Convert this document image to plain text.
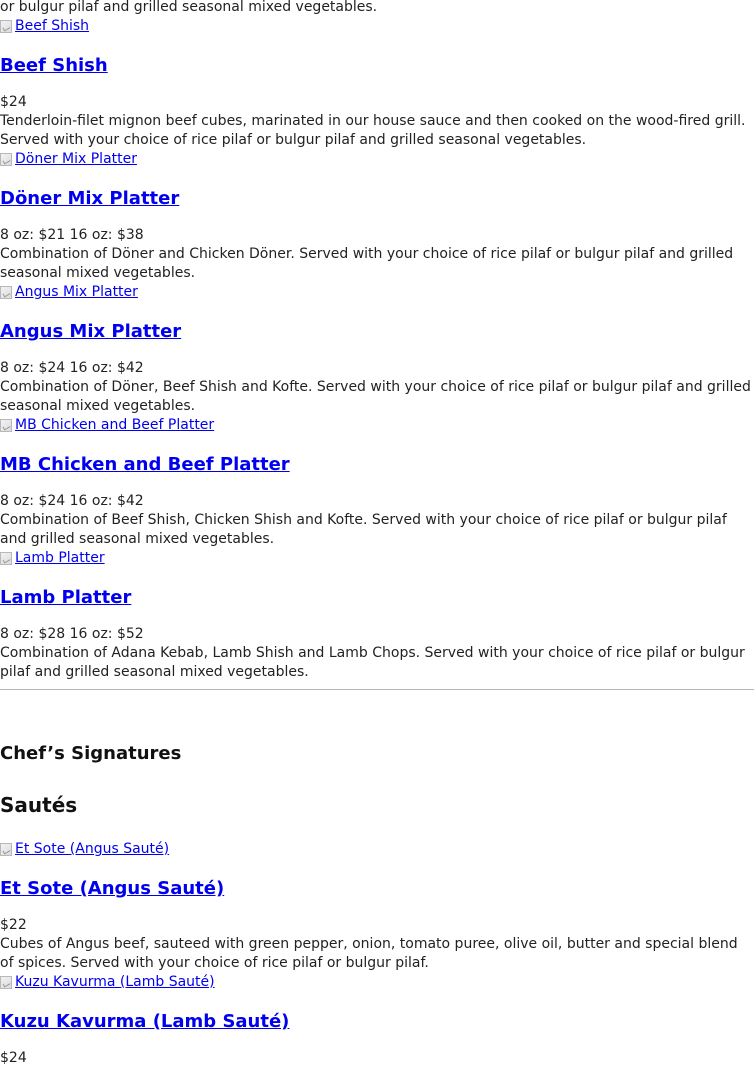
or bulgur pilaf and grilled seasonal mixed vegetables.
Beef Shish
Beef Shish
$24
Tenderloin-filet mignon beef cubes, marinated in our house sauce and then cooked on the wood-fired grill. Served with your choice of rice pilaf or bulgur pilaf and grilled seasonal vegetables.
Döner Mix Platter
Döner Mix Platter
8 oz: $21 16 oz: $38
Combination of Döner and Chicken Döner. Served with your choice of rice pilaf or bulgur pilaf and grilled seasonal mixed vegetables.
Angus Mix Platter
Angus Mix Platter
8 oz: $24 16 oz: $42
Combination of Döner, Beef Shish and Kofte. Served with your choice of rice pilaf or bulgur pilaf and grilled seasonal mixed vegetables.
MB Chicken and Beef Platter
MB Chicken and Beef Platter
8 oz: $24 16 oz: $42
Combination of Beef Shish, Chicken Shish and Kofte. Served with your choice of rice pilaf or bulgur pilaf and grilled seasonal mixed vegetables.
Lamb Platter
Lamb Platter
8 oz: $28 16 oz: $52
Combination of Adana Kebab, Lamb Shish and Lamb Chops. Served with your choice of rice pilaf or bulgur pilaf and grilled seasonal mixed vegetables.
Chef’s Signatures
Sautés
Et Sote (Angus Sauté)
Et Sote (Angus Sauté)
$22
Cubes of Angus beef, sauteed with green pepper, onion, tomato puree, olive oil, butter and special blend of spices. Served with your choice of rice pilaf or bulgur pilaf.
Kuzu Kavurma (Lamb Sauté)
Kuzu Kavurma (Lamb Sauté)
$24
